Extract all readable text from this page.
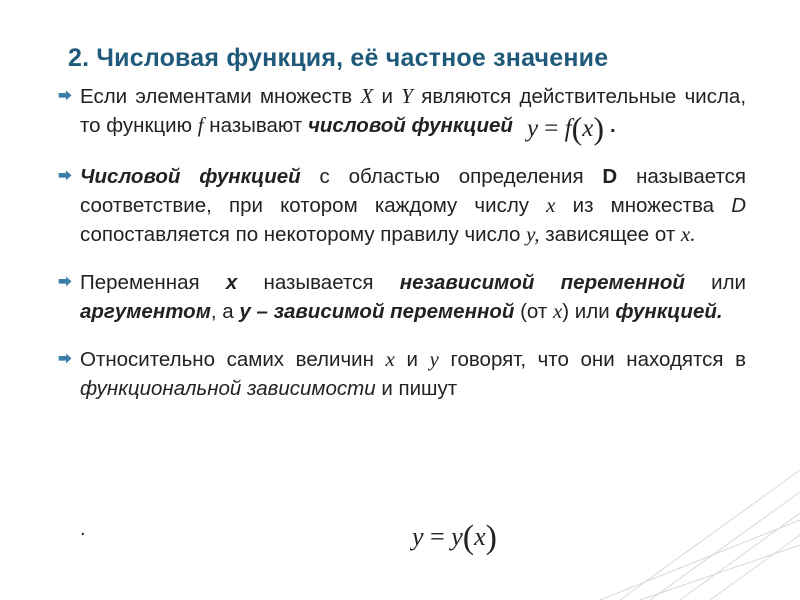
2. Числовая функция, её частное значение
⮕ Если элементами множеств X и Y являются действительные числа, то функцию f называют числовой функцией y = f(x) .
⮕ Числовой функцией с областью определения D называется соответствие, при котором каждому числу x из множества D сопоставляется по некоторому правилу число y, зависящее от x.
⮕ Переменная x называется независимой переменной или аргументом, а y – зависимой переменной (от x) или функцией.
⮕ Относительно самих величин x и y говорят, что они находятся в функциональной зависимости и пишут
.	y = y(x)
